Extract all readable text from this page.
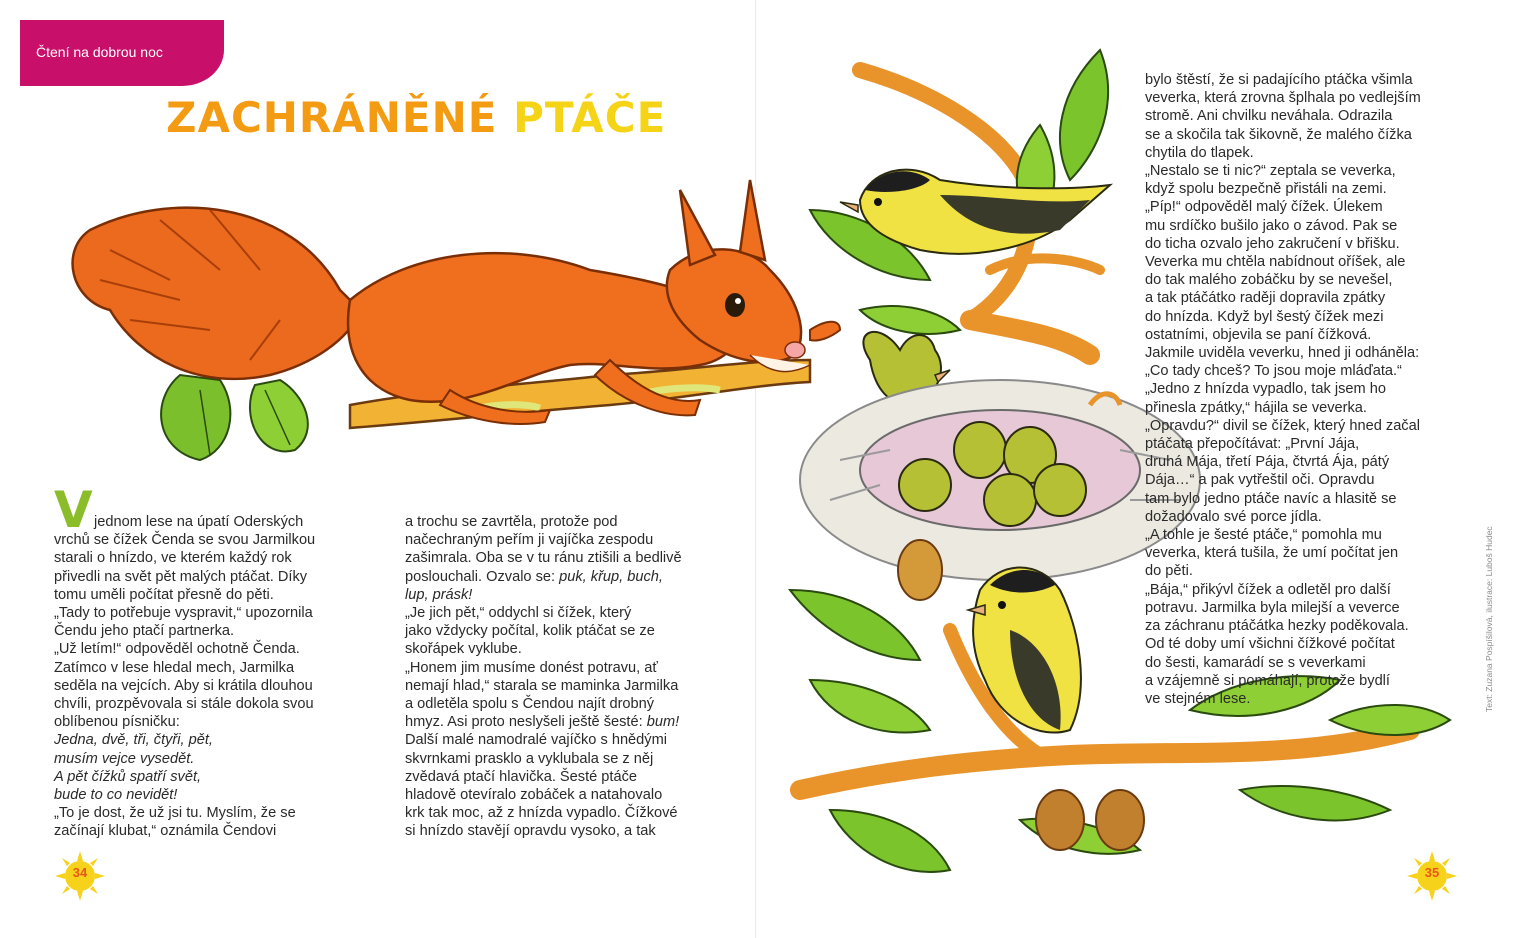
Čtení na dobrou noc
ZACHRÁNĚNÉ PTÁČE
V jednom lese na úpatí Oderských

vrchů se čížek Čenda se svou Jarmilkou

starali o hnízdo, ve kterém každý rok

přivedli na svět pět malých ptáčat. Díky

tomu uměli počítat přesně do pěti.

„Tady to potřebuje vyspravit,“ upozornila

Čendu jeho ptačí partnerka.

„Už letím!“ odpověděl ochotně Čenda.

Zatímco v lese hledal mech, Jarmilka

seděla na vejcích. Aby si krátila dlouhou

chvíli, prozpěvovala si stále dokola svou

oblíbenou písničku:

Jedna, dvě, tři, čtyři, pět,

musím vejce vysedět.

A pět čížků spatří svět,

bude to co nevidět!

„To je dost, že už jsi tu. Myslím, že se

začínají klubat,“ oznámila Čendovi

a trochu se zavrtěla, protože pod

načechraným peřím ji vajíčka zespodu

zašimrala. Oba se v tu ránu ztišili a bedlivě

poslouchali. Ozvalo se: puk, křup, buch,

lup, prásk!

„Je jich pět,“ oddychl si čížek, který

jako vždycky počítal, kolik ptáčat se ze

skořápek vyklube.

„Honem jim musíme donést potravu, ať

nemají hlad,“ starala se maminka Jarmilka

a odletěla spolu s Čendou najít drobný

hmyz. Asi proto neslyšeli ještě šesté: bum!

Další malé namodralé vajíčko s hnědými

skvrnkami prasklo a vyklubala se z něj

zvědavá ptačí hlavička. Šesté ptáče

hladově otevíralo zobáček a natahovalo

krk tak moc, až z hnízda vypadlo. Čížkové

si hnízdo stavějí opravdu vysoko, a tak

bylo štěstí, že si padajícího ptáčka všimla

veverka, která zrovna šplhala po vedlejším

stromě. Ani chvilku neváhala. Odrazila

se a skočila tak šikovně, že malého čížka

chytila do tlapek.

„Nestalo se ti nic?“ zeptala se veverka,

když spolu bezpečně přistáli na zemi.

„Píp!“ odpověděl malý čížek. Úlekem

mu srdíčko bušilo jako o závod. Pak se

do ticha ozvalo jeho zakručení v břišku.

Veverka mu chtěla nabídnout oříšek, ale

do tak malého zobáčku by se nevešel,

a tak ptáčátko raději dopravila zpátky

do hnízda. Když byl šestý čížek mezi

ostatními, objevila se paní čížková.

Jakmile uviděla veverku, hned ji odháněla:

„Co tady chceš? To jsou moje mláďata.“

„Jedno z hnízda vypadlo, tak jsem ho

přinesla zpátky,“ hájila se veverka.

„Opravdu?“ divil se čížek, který hned začal

ptáčata přepočítávat: „První Jája,

druhá Mája, třetí Pája, čtvrtá Ája, pátý

Dája…“ a pak vytřeštil oči. Opravdu

tam bylo jedno ptáče navíc a hlasitě se

dožadovalo své porce jídla.

„A tohle je šesté ptáče,“ pomohla mu

veverka, která tušila, že umí počítat jen

do pěti.

„Bája,“ přikývl čížek a odletěl pro další

potravu. Jarmilka byla milejší a veverce

za záchranu ptáčátka hezky poděkovala.

Od té doby umí všichni čížkové počítat

do šesti, kamarádí se s veverkami

a vzájemně si pomáhají, protože bydlí

ve stejném lese.	Text: Zuzana Pospíšilová, ilustrace: Luboš Hudec
34	35
